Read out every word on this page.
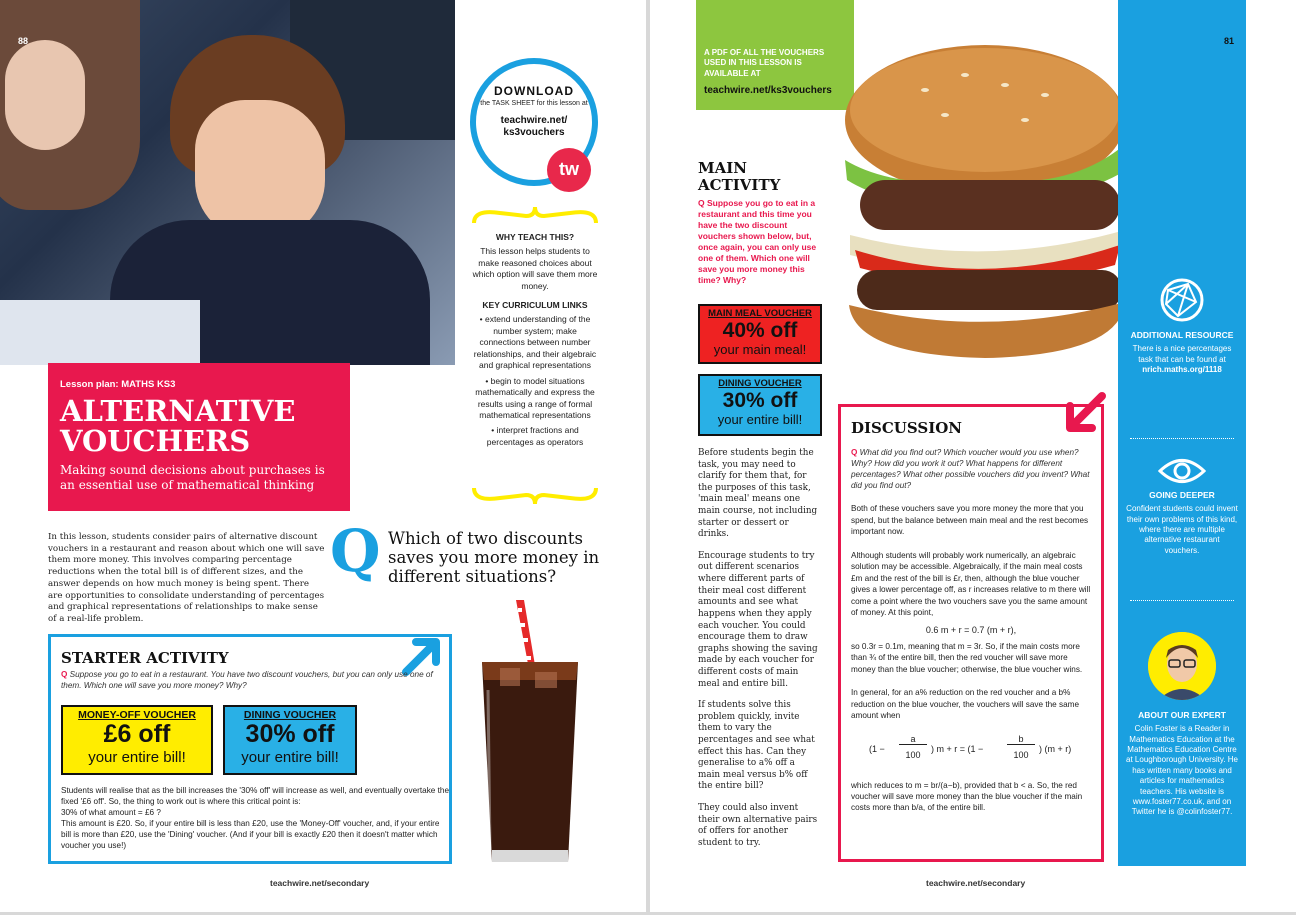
88
DOWNLOAD
the TASK SHEET for this lesson at
teachwire.net/ ks3vouchers
tw
WHY TEACH THIS?

This lesson helps students to make reasoned choices about which option will save them more money.

KEY CURRICULUM LINKS
• extend understanding of the number system; make connections between number relationships, and their algebraic and graphical representations
• begin to model situations mathematically and express the results using a range of formal mathematical representations
• interpret fractions and percentages as operators
Lesson plan: MATHS KS3
ALTERNATIVE VOUCHERS
Making sound decisions about purchases is an essential use of mathematical thinking
In this lesson, students consider pairs of alternative discount vouchers in a restaurant and reason about which one will save them more money. This involves comparing percentage reductions when the total bill is of different sizes, and the answer depends on how much money is being spent. There are opportunities to consolidate understanding of percentages and graphical representations of relationships to make sense of a real-life problem.
Q Which of two discounts saves you more money in different situations?
STARTER ACTIVITY
Q Suppose you go to eat in a restaurant. You have two discount vouchers, but you can only use one of them. Which one will save you more money? Why?
MONEY-OFF VOUCHER
£6 off
your entire bill!
DINING VOUCHER
30% off
your entire bill!
Students will realise that as the bill increases the '30% off' will increase as well, and eventually overtake the fixed '£6 off'. So, the thing to work out is where this critical point is:
30% of what amount = £6 ?
This amount is £20. So, if your entire bill is less than £20, use the 'Money-Off' voucher, and, if your entire bill is more than £20, use the 'Dining' voucher. (And if your bill is exactly £20 then it doesn't matter which voucher you use!)
teachwire.net/secondary
A PDF OF ALL THE VOUCHERS USED IN THIS LESSON IS AVAILABLE AT
teachwire.net/ks3vouchers
MAIN ACTIVITY
Q Suppose you go to eat in a restaurant and this time you have the two discount vouchers shown below, but, once again, you can only use one of them. Which one will save you more money this time? Why?
MAIN MEAL VOUCHER
40% off
your main meal!
DINING VOUCHER
30% off
your entire bill!

Before students begin the task, you may need to clarify for them that, for the purposes of this task, 'main meal' means one main course, not including starter or dessert or drinks.

Encourage students to try out different scenarios where different parts of their meal cost different amounts and see what happens when they apply each voucher. You could encourage them to draw graphs showing the saving made by each voucher for different costs of main meal and entire bill.

If students solve this problem quickly, invite them to vary the percentages and see what effect this has. Can they generalise to a% off a main meal versus b% off the entire bill?

They could also invent their own alternative pairs of offers for another student to try.

DISCUSSION
Q What did you find out? Which voucher would you use when? Why? How did you work it out? What happens for different percentages? What other possible vouchers did you invent? What did you find out?

Both of these vouchers save you more money the more that you spend, but the balance between main meal and the rest becomes important now.

Although students will probably work numerically, an algebraic solution may be accessible. Algebraically, if the main meal costs £m and the rest of the bill is £r, then, although the blue voucher gives a lower percentage off, as r increases relative to m there will come a point where the two vouchers save you the same amount of money. At this point,

0.6 m + r = 0.7 (m + r),

so 0.3r = 0.1m, meaning that m = 3r. So, if the main costs more than ¾ of the entire bill, then the red voucher will save more money than the blue voucher; otherwise, the blue voucher wins.

In general, for an a% reduction on the red voucher and a b% reduction on the blue voucher, the vouchers will save the same amount when

(1 −
a
100
) m + r = (1 −
b
100
) (m + r)

which reduces to m = br/(a−b), provided that b < a. So, the red voucher will save more money than the blue voucher if the main costs more than b/a, of the entire bill.

81
ADDITIONAL RESOURCE
There is a nice percentages task that can be found at
nrich.maths.org/1118
GOING DEEPER
Confident students could invent their own problems of this kind, where there are multiple alternative restaurant vouchers.
ABOUT OUR EXPERT
Colin Foster is a Reader in Mathematics Education at the Mathematics Education Centre at Loughborough University. He has written many books and articles for mathematics teachers. His website is www.foster77.co.uk, and on Twitter he is @colinfoster77.
teachwire.net/secondary
